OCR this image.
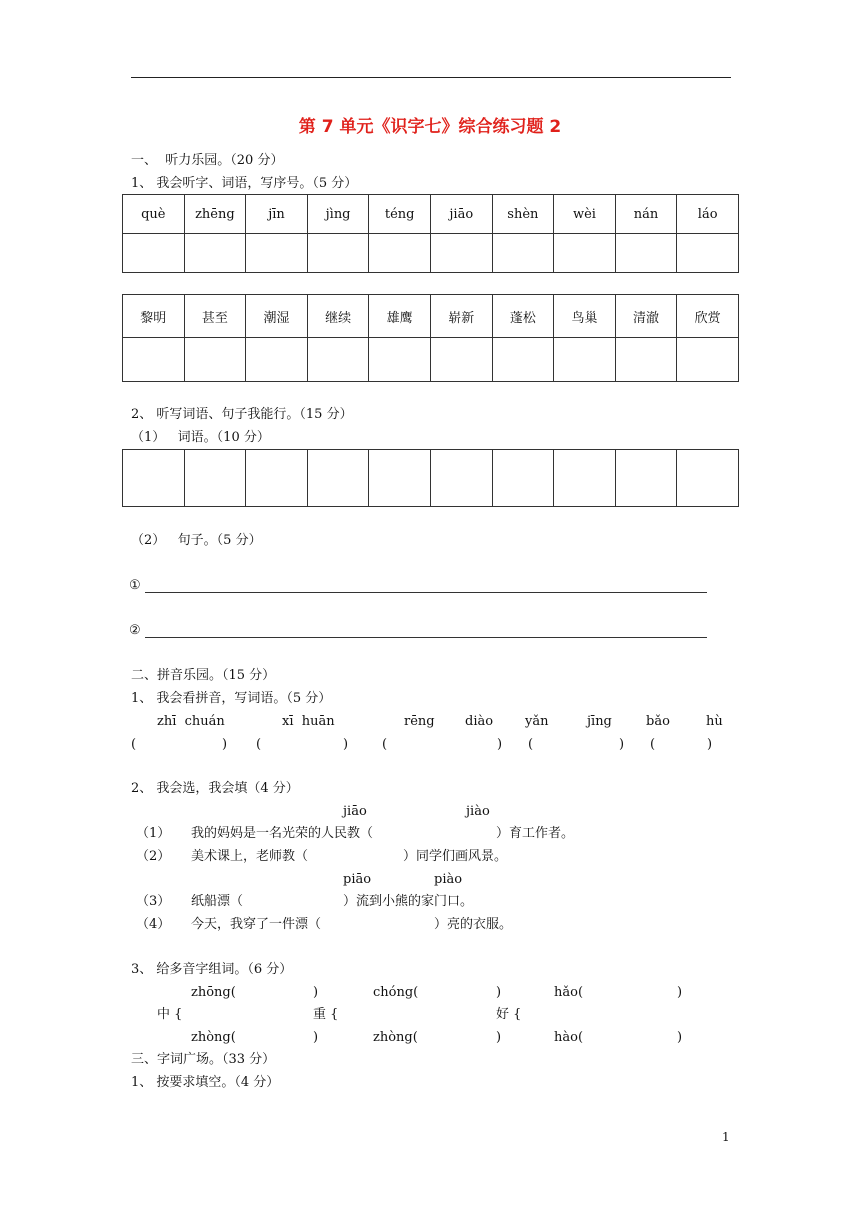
第 7 单元《识字七》综合练习题 2
一、  听力乐园。（20 分）
1、 我会听字、词语，写序号。（5 分）
què	zhēng	jīn	jìng	téng	jiāo	shèn	wèi	nán	láo

黎明	甚至	潮湿	继续	雄鹰	崭新	蓬松	鸟巢	清澈	欣赏

2、 听写词语、句子我能行。（15 分）
（1）   词语。（10 分）

（2）   句子。（5 分）
①
②
二、拼音乐园。（15 分）
1、 我会看拼音，写词语。（5 分）
zhī  chuán	xī  huān	rēng diào yǎn	jīng	bǎo	hù
(	) (	)	(	) (	) (	)
2、 我会选，我会填（4 分）
jiāo	jiào
（1） 我的妈妈是一名光荣的人民教（	）育工作者。
（2） 美术课上，老师教（	）同学们画风景。
piāo	piào
（3） 纸船漂（	）流到小熊的家门口。
（4） 今天，我穿了一件漂（	）亮的衣服。
3、 给多音字组词。（6 分）
zhōng(	)	chóng(	)	hǎo(	)
中 {	重 {	好 {
zhòng(	)	zhòng(	)	hào(	)
三、字词广场。（33 分）
1、 按要求填空。（4 分）
1
